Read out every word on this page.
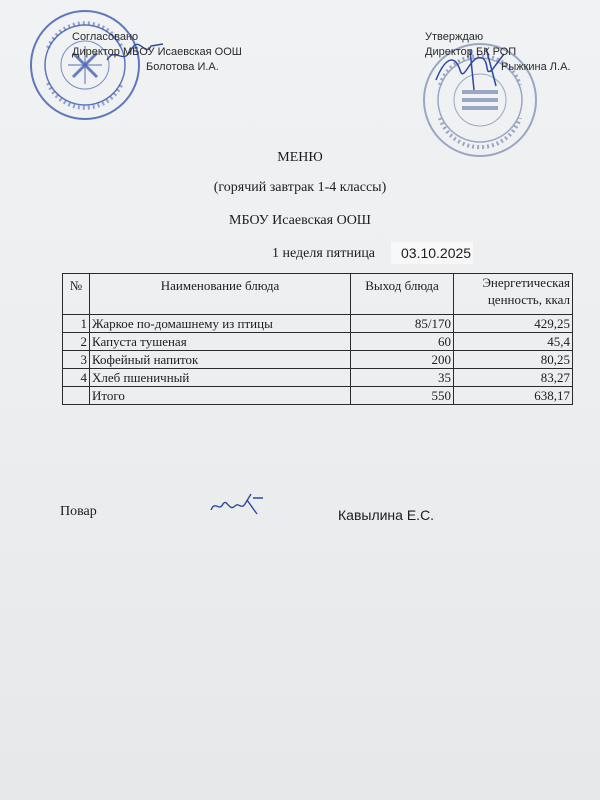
Согласовано
Директор МБОУ Исаевская ООШ
Болотова И.А.
Утверждаю
Директор БК РОП
Рыжкина Л.А.
МЕНЮ
(горячий завтрак 1-4 классы)
МБОУ Исаевская ООШ
1 неделя пятница	03.10.2025
№	Наименование блюда	Выход блюда	Энергетическая
ценность, ккал
1	Жаркое по-домашнему из птицы	85/170	429,25
2	Капуста тушеная	60	45,4
3	Кофейный напиток	200	80,25
4	Хлеб пшеничный	35	83,27
	Итого	550	638,17
Повар	Кавылина Е.С.
